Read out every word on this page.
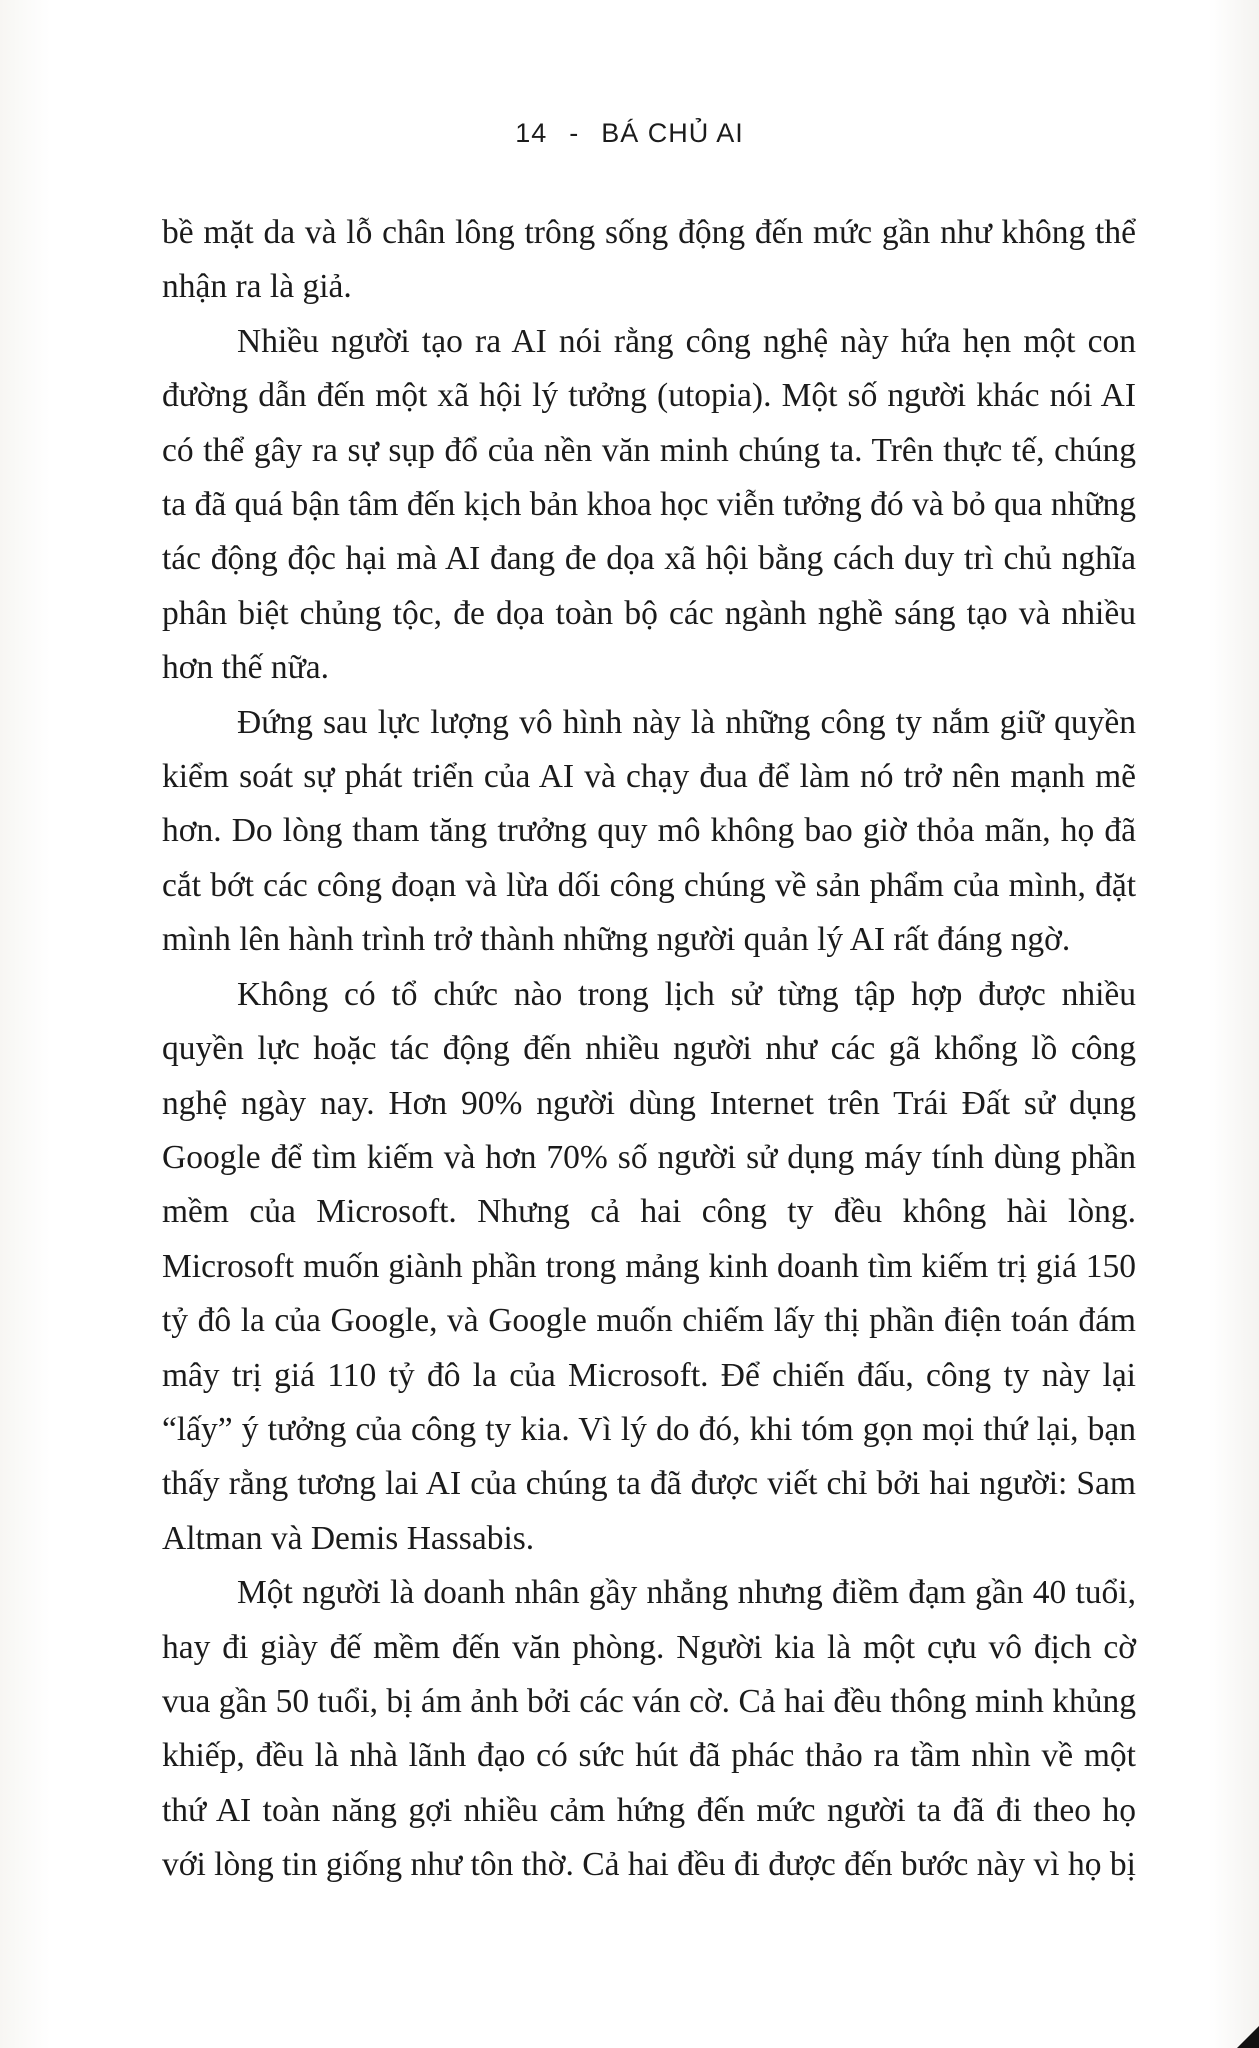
14 - BÁ CHỦ AI

bề mặt da và lỗ chân lông trông sống động đến mức gần như không thể nhận ra là giả.

Nhiều người tạo ra AI nói rằng công nghệ này hứa hẹn một con đường dẫn đến một xã hội lý tưởng (utopia). Một số người khác nói AI có thể gây ra sự sụp đổ của nền văn minh chúng ta. Trên thực tế, chúng ta đã quá bận tâm đến kịch bản khoa học viễn tưởng đó và bỏ qua những tác động độc hại mà AI đang đe dọa xã hội bằng cách duy trì chủ nghĩa phân biệt chủng tộc, đe dọa toàn bộ các ngành nghề sáng tạo và nhiều hơn thế nữa.

Đứng sau lực lượng vô hình này là những công ty nắm giữ quyền kiểm soát sự phát triển của AI và chạy đua để làm nó trở nên mạnh mẽ hơn. Do lòng tham tăng trưởng quy mô không bao giờ thỏa mãn, họ đã cắt bớt các công đoạn và lừa dối công chúng về sản phẩm của mình, đặt mình lên hành trình trở thành những người quản lý AI rất đáng ngờ.

Không có tổ chức nào trong lịch sử từng tập hợp được nhiều quyền lực hoặc tác động đến nhiều người như các gã khổng lồ công nghệ ngày nay. Hơn 90% người dùng Internet trên Trái Đất sử dụng Google để tìm kiếm và hơn 70% số người sử dụng máy tính dùng phần mềm của Microsoft. Nhưng cả hai công ty đều không hài lòng. Microsoft muốn giành phần trong mảng kinh doanh tìm kiếm trị giá 150 tỷ đô la của Google, và Google muốn chiếm lấy thị phần điện toán đám mây trị giá 110 tỷ đô la của Microsoft. Để chiến đấu, công ty này lại “lấy” ý tưởng của công ty kia. Vì lý do đó, khi tóm gọn mọi thứ lại, bạn thấy rằng tương lai AI của chúng ta đã được viết chỉ bởi hai người: Sam Altman và Demis Hassabis.

Một người là doanh nhân gầy nhẳng nhưng điềm đạm gần 40 tuổi, hay đi giày đế mềm đến văn phòng. Người kia là một cựu vô địch cờ vua gần 50 tuổi, bị ám ảnh bởi các ván cờ. Cả hai đều thông minh khủng khiếp, đều là nhà lãnh đạo có sức hút đã phác thảo ra tầm nhìn về một thứ AI toàn năng gợi nhiều cảm hứng đến mức người ta đã đi theo họ với lòng tin giống như tôn thờ. Cả hai đều đi được đến bước này vì họ bị
